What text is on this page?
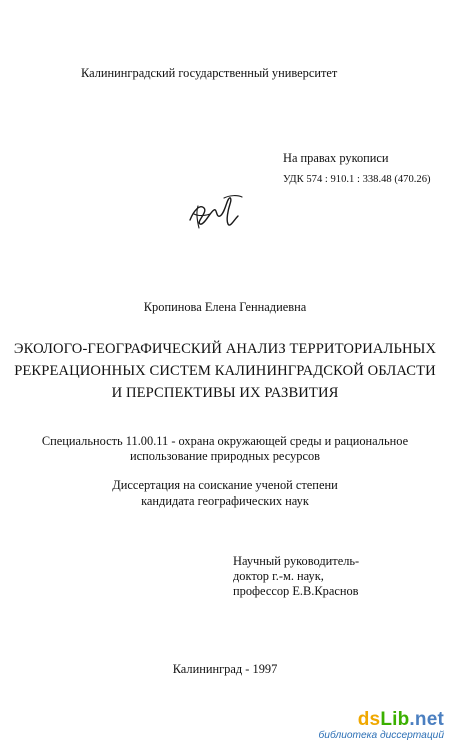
Калининградский государственный университет
На правах рукописи
УДК 574 : 910.1 : 338.48 (470.26)
Кропинова Елена Геннадиевна
ЭКОЛОГО-ГЕОГРАФИЧЕСКИЙ АНАЛИЗ ТЕРРИТОРИАЛЬНЫХ
РЕКРЕАЦИОННЫХ СИСТЕМ КАЛИНИНГРАДСКОЙ ОБЛАСТИ
И ПЕРСПЕКТИВЫ ИХ РАЗВИТИЯ
Специальность 11.00.11 - охрана окружающей среды и рациональное
использование природных ресурсов
Диссертация на соискание ученой степени
кандидата географических наук
Научный руководитель-
доктор г.-м. наук,
профессор Е.В.Краснов
Калининград - 1997
dsLib.net
библиотека диссертаций
